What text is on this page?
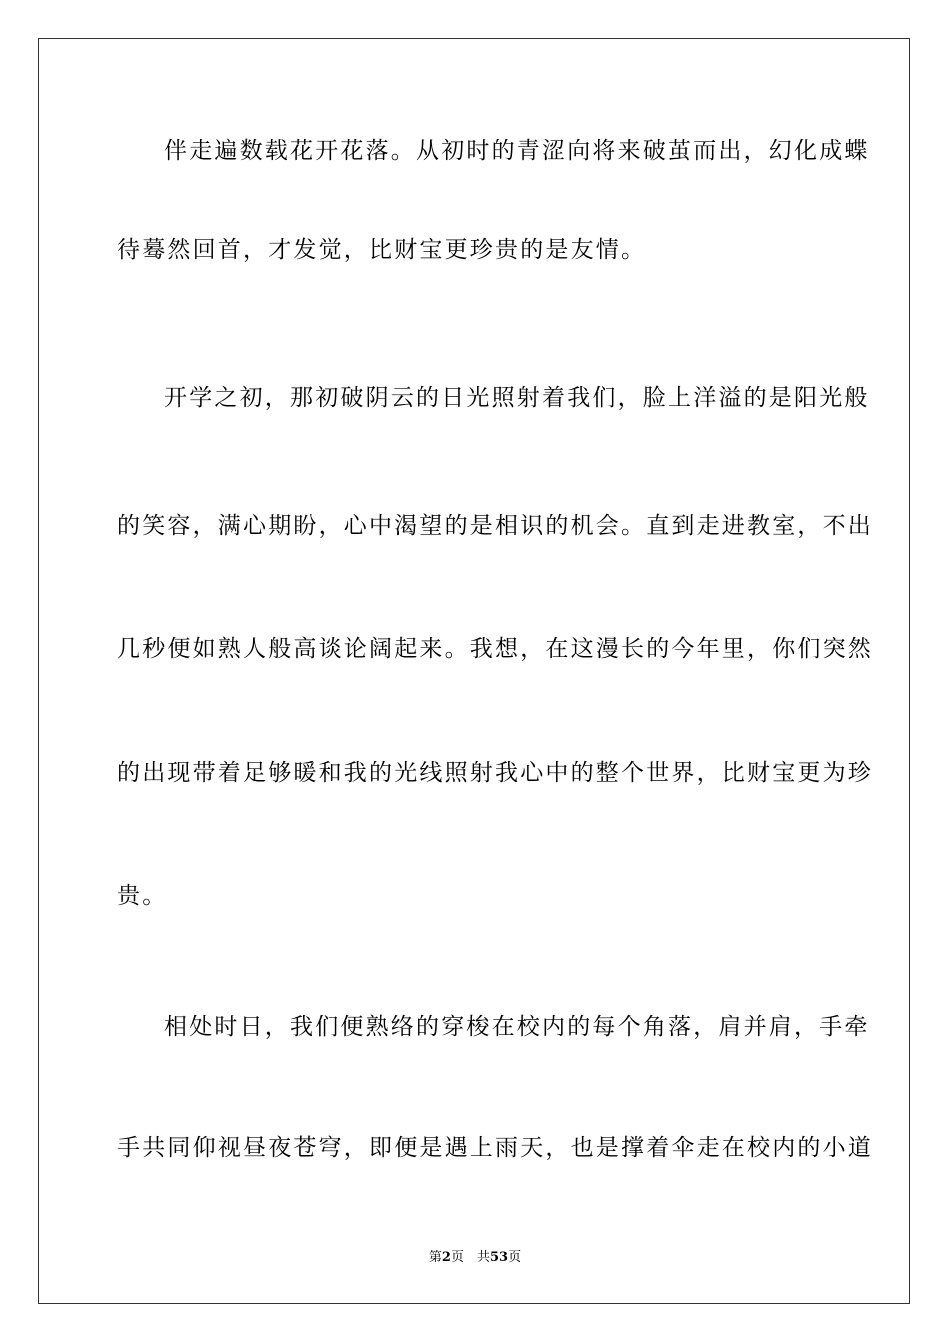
伴走遍数载花开花落。从初时的青涩向将来破茧而出，幻化成蝶
待蓦然回首，才发觉，比财宝更珍贵的是友情。
开学之初，那初破阴云的日光照射着我们，脸上洋溢的是阳光般
的笑容，满心期盼，心中渴望的是相识的机会。直到走进教室，不出
几秒便如熟人般高谈论阔起来。我想，在这漫长的今年里，你们突然
的出现带着足够暖和我的光线照射我心中的整个世界，比财宝更为珍
贵。
相处时日，我们便熟络的穿梭在校内的每个角落，肩并肩，手牵
手共同仰视昼夜苍穹，即便是遇上雨天，也是撑着伞走在校内的小道
第2页　共53页
